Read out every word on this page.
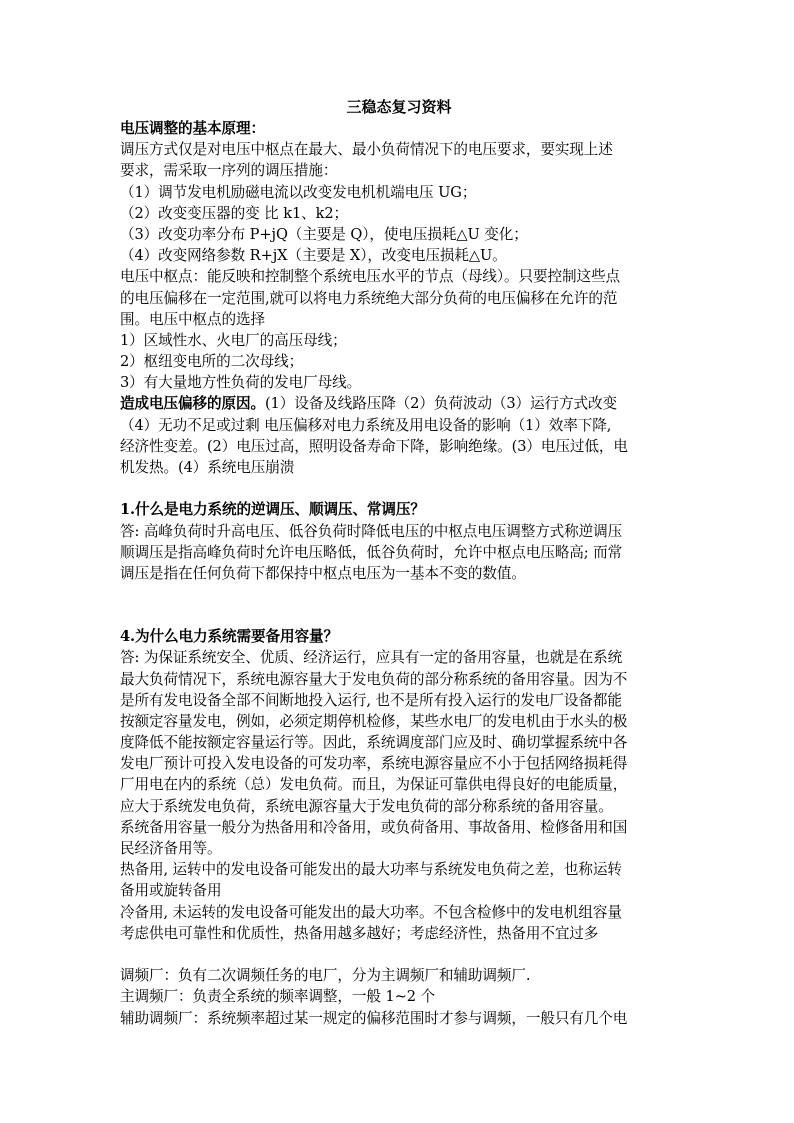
三稳态复习资料
电压调整的基本原理：
调压方式仅是对电压中枢点在最大、最小负荷情况下的电压要求，要实现上述
要求，需采取一序列的调压措施：
（1）调节发电机励磁电流以改变发电机机端电压 UG；
（2）改变变压器的变 比 k1、k2；
（3）改变功率分布 P+jQ（主要是 Q），使电压损耗△U 变化；
（4）改变网络参数 R+jX（主要是 X），改变电压损耗△U。
电压中枢点：能反映和控制整个系统电压水平的节点（母线）。只要控制这些点
的电压偏移在一定范围,就可以将电力系统绝大部分负荷的电压偏移在允许的范
围。电压中枢点的选择
1）区域性水、火电厂的高压母线；
2）枢纽变电所的二次母线；
3）有大量地方性负荷的发电厂母线。
造成电压偏移的原因。(1）设备及线路压降（2）负荷波动（3）运行方式改变
（4）无功不足或过剩 电压偏移对电力系统及用电设备的影响（1）效率下降,
经济性变差。(2）电压过高，照明设备寿命下降，影响绝缘。(3）电压过低，电
机发热。(4）系统电压崩溃
1.什么是电力系统的逆调压、顺调压、常调压？
答: 高峰负荷时升高电压、低谷负荷时降低电压的中枢点电压调整方式称逆调压
顺调压是指高峰负荷时允许电压略低，低谷负荷时，允许中枢点电压略高; 而常
调压是指在任何负荷下都保持中枢点电压为一基本不变的数值。
4.为什么电力系统需要备用容量？
答: 为保证系统安全、优质、经济运行，应具有一定的备用容量，也就是在系统
最大负荷情况下，系统电源容量大于发电负荷的部分称系统的备用容量。因为不
是所有发电设备全部不间断地投入运行, 也不是所有投入运行的发电厂设备都能
按额定容量发电，例如，必须定期停机检修，某些水电厂的发电机由于水头的极
度降低不能按额定容量运行等。因此，系统调度部门应及时、确切掌握系统中各
发电厂预计可投入发电设备的可发功率，系统电源容量应不小于包括网络损耗得
厂用电在内的系统（总）发电负荷。而且，为保证可靠供电得良好的电能质量，
应大于系统发电负荷，系统电源容量大于发电负荷的部分称系统的备用容量。
系统备用容量一般分为热备用和冷备用，或负荷备用、事故备用、检修备用和国
民经济备用等。
热备用, 运转中的发电设备可能发出的最大功率与系统发电负荷之差，也称运转
备用或旋转备用
冷备用, 未运转的发电设备可能发出的最大功率。不包含检修中的发电机组容量
考虑供电可靠性和优质性，热备用越多越好；考虑经济性，热备用不宜过多
调频厂：负有二次调频任务的电厂，分为主调频厂和辅助调频厂.
主调频厂：负责全系统的频率调整，一般 1~2 个
辅助调频厂：系统频率超过某一规定的偏移范围时才参与调频，一般只有几个电
